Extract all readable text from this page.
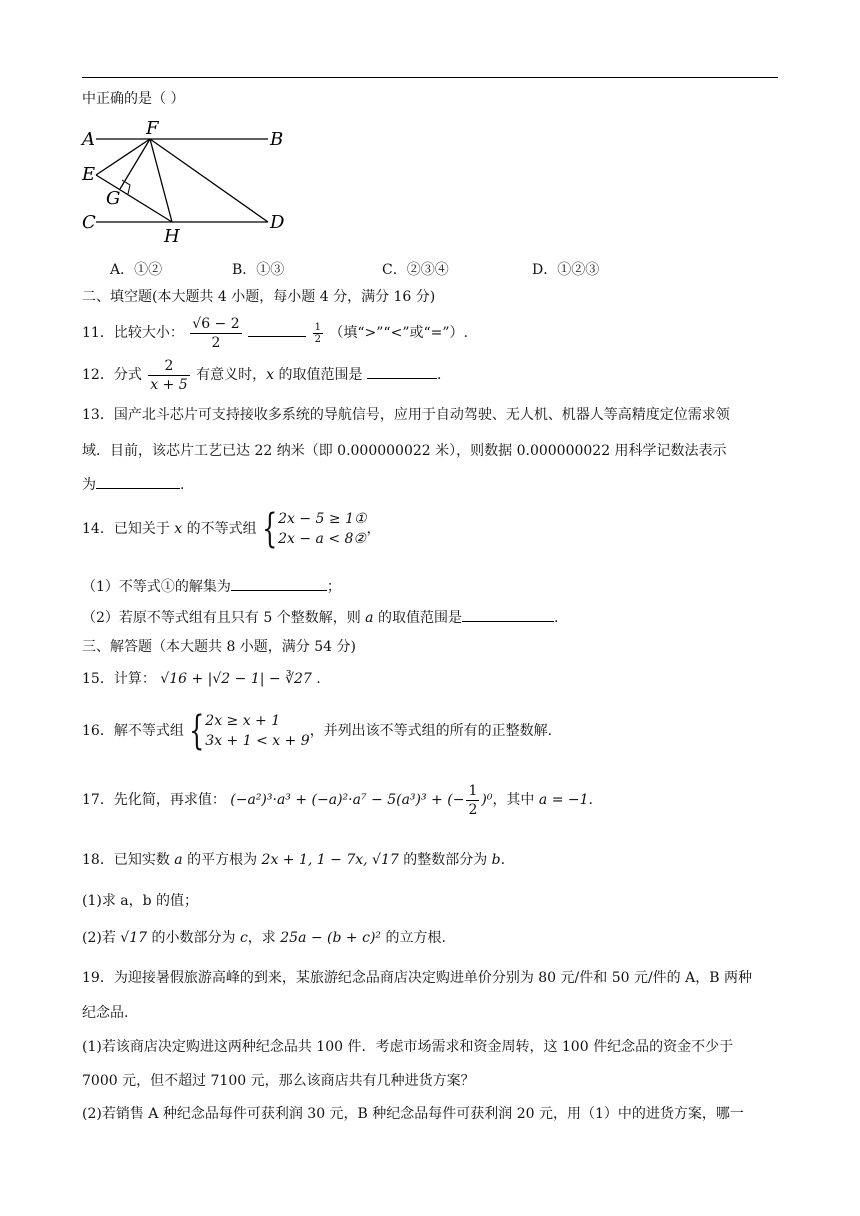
中正确的是（ ）
A
F
B
E
G
C
H
D
A．①②	B．①③	C．②③④	D．①②③
二、填空题(本大题共 4 小题，每小题 4 分，满分 16 分)
11．比较大小： $\frac{√6 - 2}{2}$
	$\frac{1}{2}$ （填“>”“<”或“=”）.
12．分式 $\frac{2}{x + 5}$ 有意义时，x 的取值范围是	.
13．国产北斗芯片可支持接收多系统的导航信号，应用于自动驾驶、无人机、机器人等高精度定位需求领
域．目前，该芯片工艺已达 22 纳米（即 0.000000022 米），则数据 0.000000022 用科学记数法表示
为	.
14．已知关于 x 的不等式组 { 2x − 5 ≥ 1①
2x − a < 8②
，
（1）不等式①的解集为	；
（2）若原不等式组有且只有 5 个整数解，则 a 的取值范围是	.
三、解答题（本大题共 8 小题，满分 54 分)
15．计算： √16 + |√2 − 1| − ∛27 .
16．解不等式组 { 2x ≥ x + 1
3x + 1 < x + 9
，并列出该不等式组的所有的正整数解.
17．先化简，再求值： (−a²)³·a³ + (−a)²·a⁷ − 5(a³)³ + (− $\frac{1}{2} )^0$，其中 a = −1.
18．已知实数 a 的平方根为 2x + 1, 1 − 7x, √17 的整数部分为 b.
(1)求 a，b 的值；
(2)若 √17 的小数部分为 c，求 25a − (b + c)² 的立方根.
19．为迎接暑假旅游高峰的到来，某旅游纪念品商店决定购进单价分别为 80 元/件和 50 元/件的 A，B 两种
纪念品.
(1)若该商店决定购进这两种纪念品共 100 件．考虑市场需求和资金周转，这 100 件纪念品的资金不少于
7000 元，但不超过 7100 元，那么该商店共有几种进货方案？
(2)若销售 A 种纪念品每件可获利润 30 元，B 种纪念品每件可获利润 20 元，用（1）中的进货方案，哪一
